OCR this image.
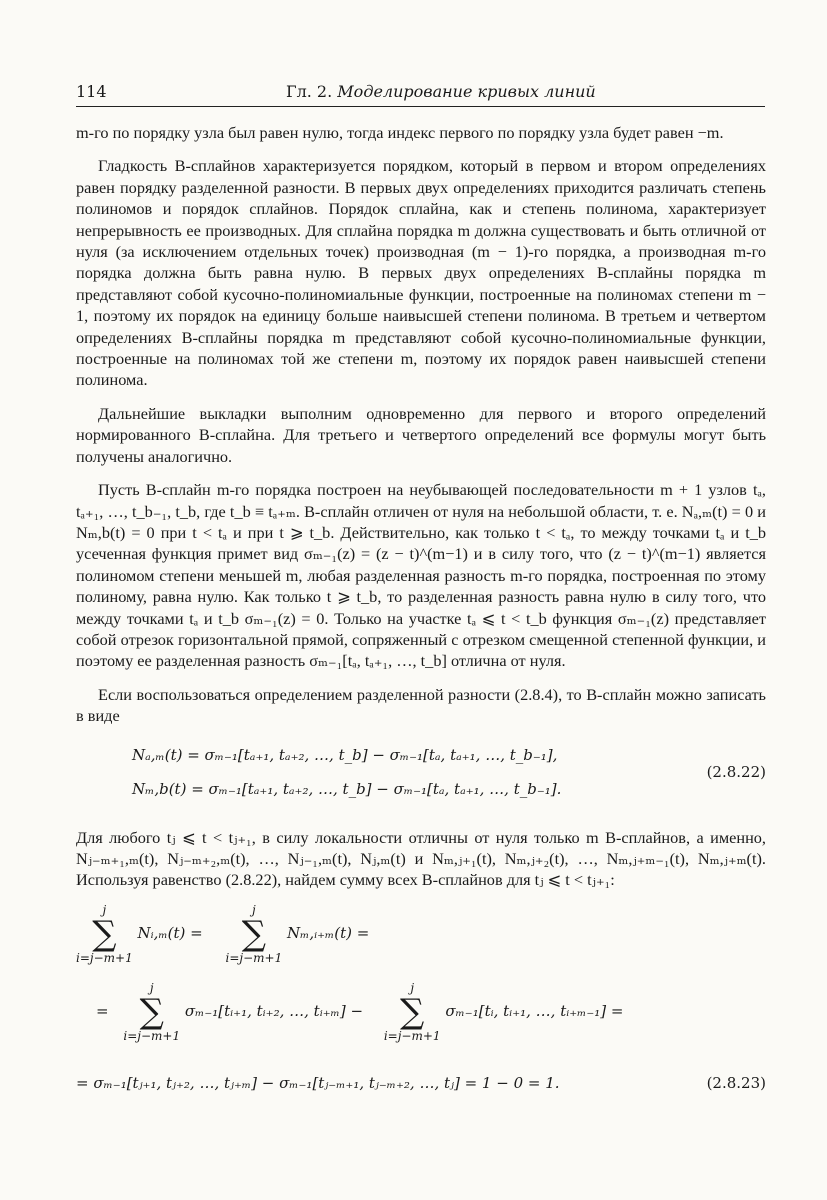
114	Гл. 2. Моделирование кривых линий

m-го по порядку узла был равен нулю, тогда индекс первого по порядку узла будет равен −m.

Гладкость B-сплайнов характеризуется порядком, который в первом и втором определениях равен порядку разделенной разности. В первых двух определениях приходится различать степень полиномов и порядок сплайнов. Порядок сплайна, как и степень полинома, характеризует непрерывность ее производных. Для сплайна порядка m должна существовать и быть отличной от нуля (за исключением отдельных точек) производная (m − 1)-го порядка, а производная m-го порядка должна быть равна нулю. В первых двух определениях B-сплайны порядка m представляют собой кусочно-полиномиальные функции, построенные на полиномах степени m − 1, поэтому их порядок на единицу больше наивысшей степени полинома. В третьем и четвертом определениях B-сплайны порядка m представляют собой кусочно-полиномиальные функции, построенные на полиномах той же степени m, поэтому их порядок равен наивысшей степени полинома.

Дальнейшие выкладки выполним одновременно для первого и второго определений нормированного B-сплайна. Для третьего и четвертого определений все формулы могут быть получены аналогично.

Пусть B-сплайн m-го порядка построен на неубывающей последовательности m + 1 узлов tₐ, tₐ₊₁, …, t_b₋₁, t_b, где t_b ≡ tₐ₊ₘ. B-сплайн отличен от нуля на небольшой области, т. е. Nₐ,ₘ(t) = 0 и Nₘ,b(t) = 0 при t < tₐ и при t ⩾ t_b. Действительно, как только t < tₐ, то между точками tₐ и t_b усеченная функция примет вид σₘ₋₁(z) = (z − t)^(m−1) и в силу того, что (z − t)^(m−1) является полиномом степени меньшей m, любая разделенная разность m-го порядка, построенная по этому полиному, равна нулю. Как только t ⩾ t_b, то разделенная разность равна нулю в силу того, что между точками tₐ и t_b σₘ₋₁(z) = 0. Только на участке tₐ ⩽ t < t_b функция σₘ₋₁(z) представляет собой отрезок горизонтальной прямой, сопряженный с отрезком смещенной степенной функции, и поэтому ее разделенная разность σₘ₋₁[tₐ, tₐ₊₁, …, t_b] отлична от нуля.

Если воспользоваться определением разделенной разности (2.8.4), то B-сплайн можно записать в виде

Nₐ,ₘ(t) = σₘ₋₁[tₐ₊₁, tₐ₊₂, …, t_b] − σₘ₋₁[tₐ, tₐ₊₁, …, t_b₋₁],
Nₘ,b(t) = σₘ₋₁[tₐ₊₁, tₐ₊₂, …, t_b] − σₘ₋₁[tₐ, tₐ₊₁, …, t_b₋₁].
(2.8.22)

Для любого tⱼ ⩽ t < tⱼ₊₁, в силу локальности отличны от нуля только m B-сплайнов, а именно, Nⱼ₋ₘ₊₁,ₘ(t), Nⱼ₋ₘ₊₂,ₘ(t), …, Nⱼ₋₁,ₘ(t), Nⱼ,ₘ(t) и Nₘ,ⱼ₊₁(t), Nₘ,ⱼ₊₂(t), …, Nₘ,ⱼ₊ₘ₋₁(t), Nₘ,ⱼ₊ₘ(t). Используя равенство (2.8.22), найдем сумму всех B-сплайнов для tⱼ ⩽ t < tⱼ₊₁:

j
∑
i=j−m+1
Nᵢ,ₘ(t) =
j
∑
i=j−m+1
Nₘ,ᵢ₊ₘ(t) =
=
j
∑
i=j−m+1
σₘ₋₁[tᵢ₊₁, tᵢ₊₂, …, tᵢ₊ₘ] −
j
∑
i=j−m+1
σₘ₋₁[tᵢ, tᵢ₊₁, …, tᵢ₊ₘ₋₁] =
= σₘ₋₁[tⱼ₊₁, tⱼ₊₂, …, tⱼ₊ₘ] − σₘ₋₁[tⱼ₋ₘ₊₁, tⱼ₋ₘ₊₂, …, tⱼ] = 1 − 0 = 1.	(2.8.23)
